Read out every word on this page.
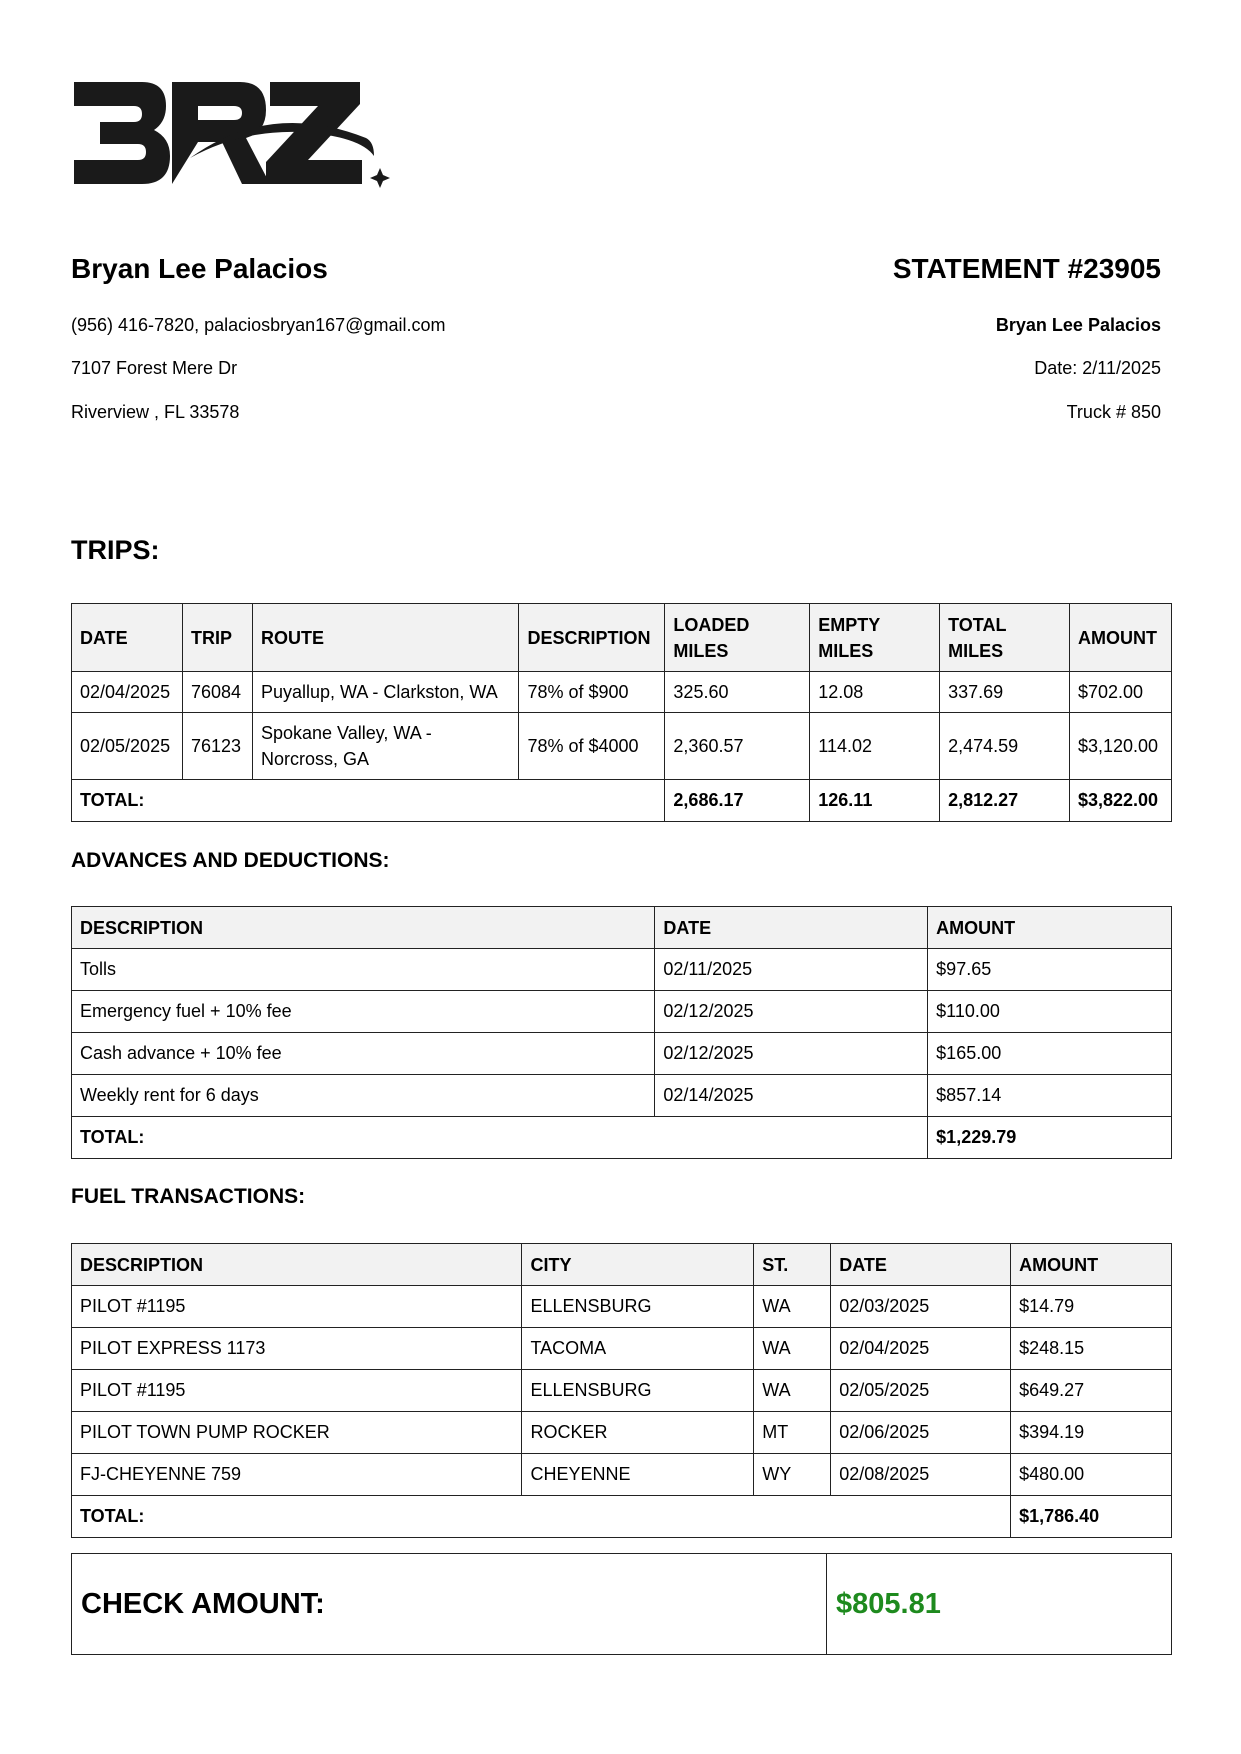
Bryan Lee Palacios
(956) 416-7820, palaciosbryan167@gmail.com
7107 Forest Mere Dr
Riverview , FL 33578
STATEMENT #23905
Bryan Lee Palacios
Date: 2/11/2025
Truck # 850
TRIPS:
DATE	TRIP	ROUTE	DESCRIPTION	LOADED MILES	EMPTY MILES	TOTAL MILES	AMOUNT
02/04/2025	76084	Puyallup, WA - Clarkston, WA	78% of $900	325.60	12.08	337.69	$702.00
02/05/2025	76123	Spokane Valley, WA - Norcross, GA	78% of $4000	2,360.57	114.02	2,474.59	$3,120.00
TOTAL:				2,686.17	126.11	2,812.27	$3,822.00
ADVANCES AND DEDUCTIONS:
DESCRIPTION	DATE	AMOUNT
Tolls	02/11/2025	$97.65
Emergency fuel + 10% fee	02/12/2025	$110.00
Cash advance + 10% fee	02/12/2025	$165.00
Weekly rent for 6 days	02/14/2025	$857.14
TOTAL:		$1,229.79
FUEL TRANSACTIONS:
DESCRIPTION	CITY	ST.	DATE	AMOUNT
PILOT #1195	ELLENSBURG	WA	02/03/2025	$14.79
PILOT EXPRESS 1173	TACOMA	WA	02/04/2025	$248.15
PILOT #1195	ELLENSBURG	WA	02/05/2025	$649.27
PILOT TOWN PUMP ROCKER	ROCKER	MT	02/06/2025	$394.19
FJ-CHEYENNE 759	CHEYENNE	WY	02/08/2025	$480.00
TOTAL:				$1,786.40
CHECK AMOUNT:	$805.81
